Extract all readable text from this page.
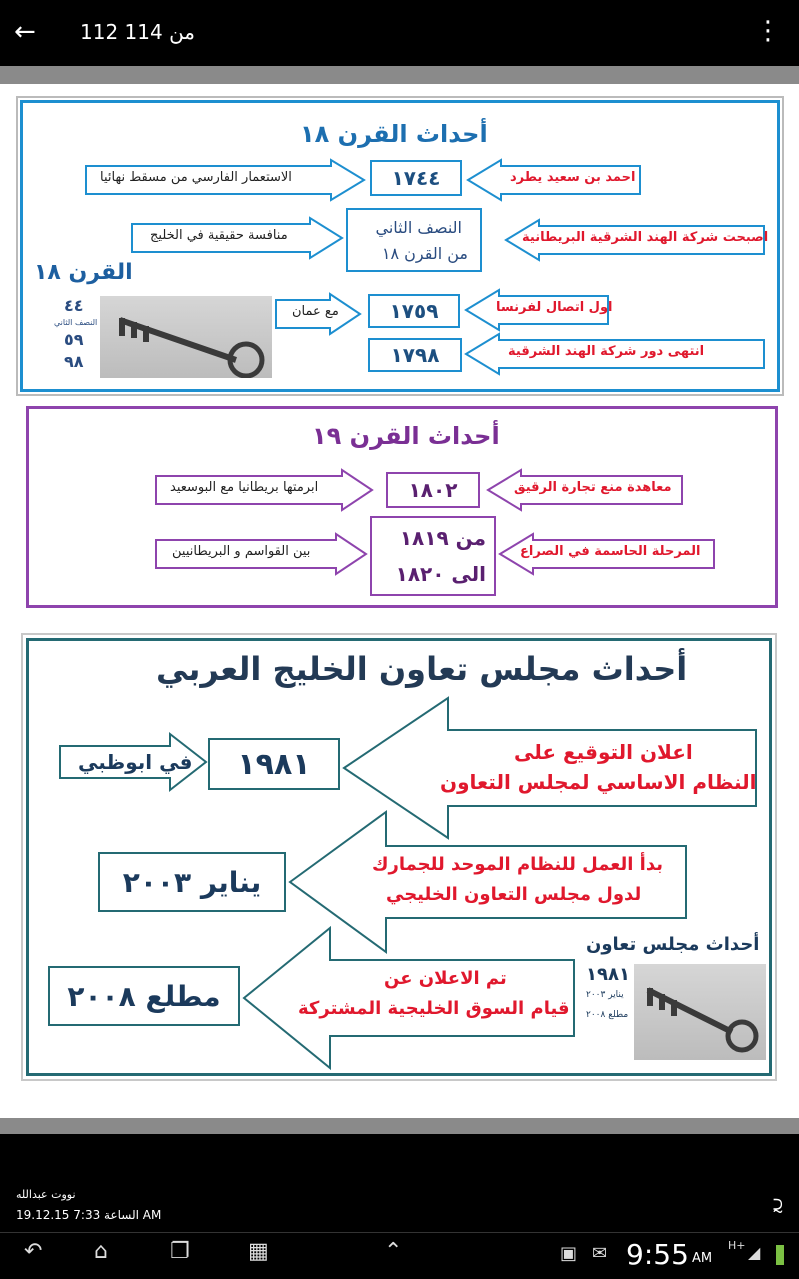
← 112 من 114	⋮
أحداث القرن ١٨
الاستعمار الفارسي من مسقط نهائيا	١٧٤٤	احمد بن سعيد يطرد
منافسة حقيقية في الخليج	النصف الثاني
من القرن ١٨
اصبحت شركة الهند الشرقية البريطانية
القرن ١٨
٤٤
النصف الثاني
٥٩
٩٨
مع عمان	١٧٥٩	اول اتصال لفرنسا
١٧٩٨	انتهى دور شركة الهند الشرقية
أحداث القرن ١٩
ابرمتها بريطانيا مع البوسعيد	١٨٠٢	معاهدة منع تجارة الرقيق
بين القواسم و البريطانيين
من ١٨١٩
الى ١٨٢٠
المرحلة الحاسمة في الصراع
أحداث مجلس تعاون الخليج العربي
في ابوظبي ١٩٨١	اعلان التوقيع على
النظام الاساسي لمجلس التعاون
يناير ٢٠٠٣
بدأ العمل للنظام الموحد للجمارك
لدول مجلس التعاون الخليجي
مطلع ٢٠٠٨
تم الاعلان عن
قيام السوق الخليجية المشتركة
أحداث مجلس تعاون
١٩٨١
يناير ٢٠٠٣
مطلع ٢٠٠٨
نووت عبدالله
19.12.15 الساعة 7:33 AM	⫈
↶ ⌂	❐	▦	⌃	▣ ✉ 9:55 AM
H+ ◢
